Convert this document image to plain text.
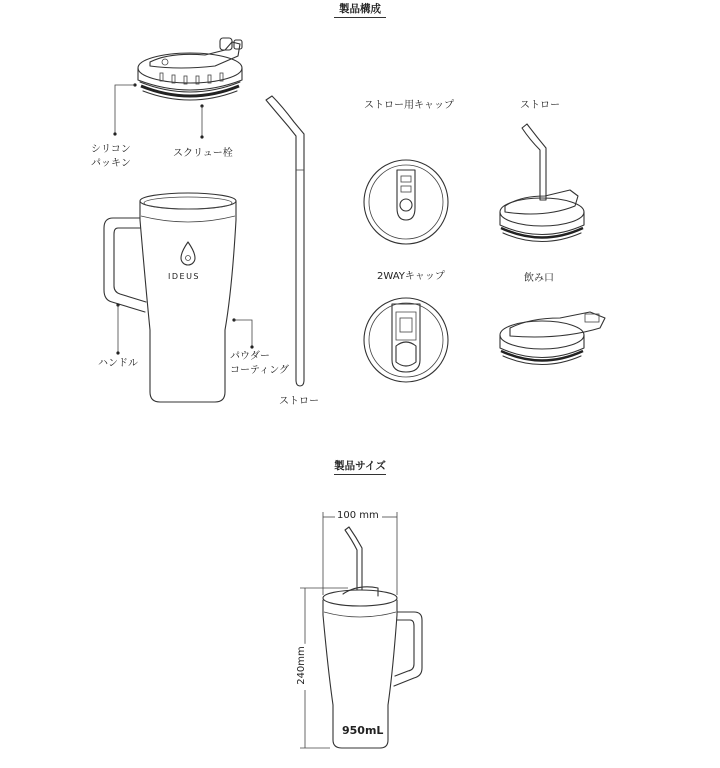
製品構成
製品サイズ
IDEUS
シリコン
パッキン
スクリュー栓
ハンドル
パウダー
コーティング
ストロー
ストロー用キャップ	ストロー
2WAYキャップ	飲み口
100 mm
240mm
950mL
